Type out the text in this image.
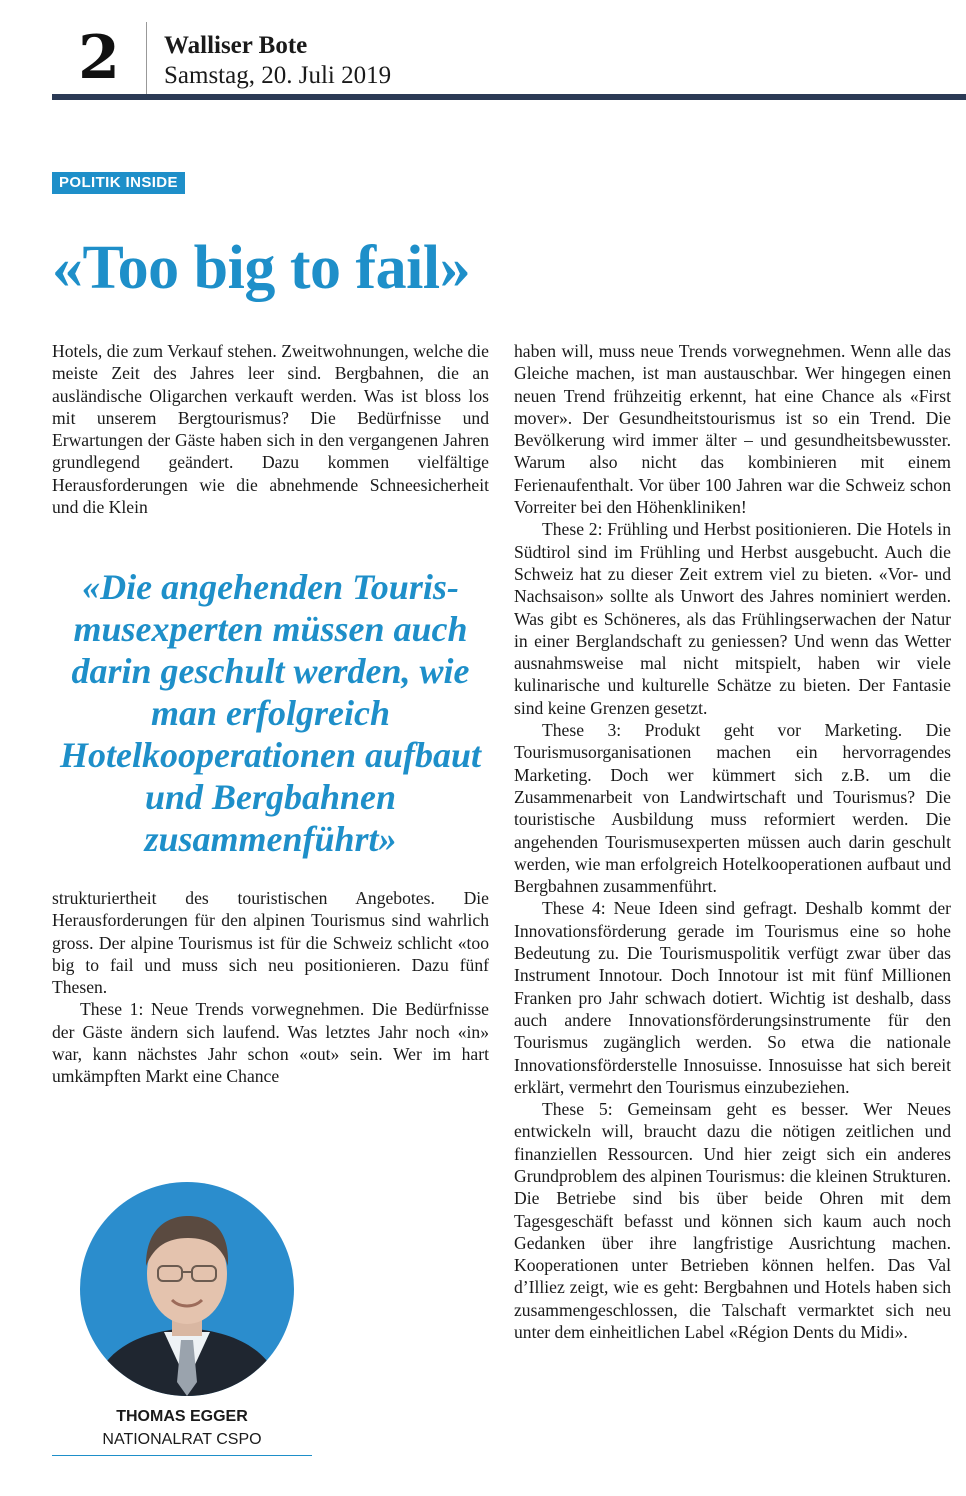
2	Walliser Bote
Samstag, 20. Juli 2019
POLITIK INSIDE
«Too big to fail»

Hotels, die zum Verkauf stehen. Zweitwohnungen, welche die meiste Zeit des Jahres leer sind. Bergbahnen, die an ausländische Oligarchen verkauft werden. Was ist bloss los mit unserem Bergtourismus? Die Bedürfnisse und Erwartungen der Gäste haben sich in den vergangenen Jahren grundlegend geändert. Dazu kommen vielfältige Herausforderungen wie die abnehmende Schneesicherheit und die Klein

«Die angehenden Tourismusexperten müssen auch darin geschult werden, wie man erfolgreich Hotelkooperationen aufbaut und Bergbahnen zusammenführt»

strukturiertheit des touristischen Angebotes. Die Herausforderungen für den alpinen Tourismus sind wahrlich gross. Der alpine Tourismus ist für die Schweiz schlicht «too big to fail und muss sich neu positionieren. Dazu fünf Thesen.

These 1: Neue Trends vorwegnehmen. Die Bedürfnisse der Gäste ändern sich laufend. Was letztes Jahr noch «in» war, kann nächstes Jahr schon «out» sein. Wer im hart umkämpften Markt eine Chance

haben will, muss neue Trends vorwegnehmen. Wenn alle das Gleiche machen, ist man austauschbar. Wer hingegen einen neuen Trend frühzeitig erkennt, hat eine Chance als «First mover». Der Gesundheitstourismus ist so ein Trend. Die Bevölkerung wird immer älter – und gesundheitsbewusster. Warum also nicht das kombinieren mit einem Ferienaufenthalt. Vor über 100 Jahren war die Schweiz schon Vorreiter bei den Höhenkliniken!

These 2: Frühling und Herbst positionieren. Die Hotels in Südtirol sind im Frühling und Herbst ausgebucht. Auch die Schweiz hat zu dieser Zeit extrem viel zu bieten. «Vor- und Nachsaison» sollte als Unwort des Jahres nominiert werden. Was gibt es Schöneres, als das Frühlingserwachen der Natur in einer Berglandschaft zu geniessen? Und wenn das Wetter ausnahmsweise mal nicht mitspielt, haben wir viele kulinarische und kulturelle Schätze zu bieten. Der Fantasie sind keine Grenzen gesetzt.

These 3: Produkt geht vor Marketing. Die Tourismusorganisationen machen ein hervorragendes Marketing. Doch wer kümmert sich z.B. um die Zusammenarbeit von Landwirtschaft und Tourismus? Die touristische Ausbildung muss reformiert werden. Die angehenden Tourismusexperten müssen auch darin geschult werden, wie man erfolgreich Hotelkooperationen aufbaut und Bergbahnen zusammenführt.

These 4: Neue Ideen sind gefragt. Deshalb kommt der Innovationsförderung gerade im Tourismus eine so hohe Bedeutung zu. Die Tourismuspolitik verfügt zwar über das Instrument Innotour. Doch Innotour ist mit fünf Millionen Franken pro Jahr schwach dotiert. Wichtig ist deshalb, dass auch andere Innovationsförderungsinstrumente für den Tourismus zugänglich werden. So etwa die nationale Innovationsförderstelle Innosuisse. Innosuisse hat sich bereit erklärt, vermehrt den Tourismus einzubeziehen.

These 5: Gemeinsam geht es besser. Wer Neues entwickeln will, braucht dazu die nötigen zeitlichen und finanziellen Ressourcen. Und hier zeigt sich ein anderes Grundproblem des alpinen Tourismus: die kleinen Strukturen. Die Betriebe sind bis über beide Ohren mit dem Tagesgeschäft befasst und können sich kaum auch noch Gedanken über ihre langfristige Ausrichtung machen. Kooperationen unter Betrieben können helfen. Das Val d’Illiez zeigt, wie es geht: Bergbahnen und Hotels haben sich zusammengeschlossen, die Talschaft vermarktet sich neu unter dem einheitlichen Label «Région Dents du Midi».

THOMAS EGGER
NATIONALRAT CSPO
